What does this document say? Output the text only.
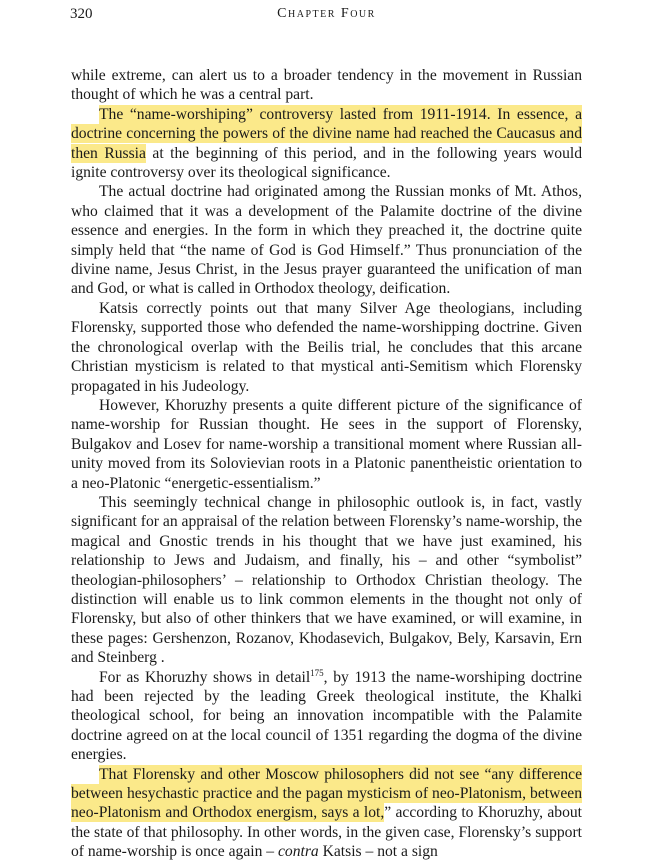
320	Chapter Four

while extreme, can alert us to a broader tendency in the movement in Russian thought of which he was a central part.

The “name-worshiping” controversy lasted from 1911-1914. In essence, a doctrine concerning the powers of the divine name had reached the Caucasus and then Russia at the beginning of this period, and in the following years would ignite controversy over its theological significance.

The actual doctrine had originated among the Russian monks of Mt. Athos, who claimed that it was a development of the Palamite doctrine of the divine essence and energies. In the form in which they preached it, the doctrine quite simply held that “the name of God is God Himself.” Thus pronunciation of the divine name, Jesus Christ, in the Jesus prayer guaranteed the unification of man and God, or what is called in Orthodox theology, deification.

Katsis correctly points out that many Silver Age theologians, including Florensky, supported those who defended the name-worshipping doctrine. Given the chronological overlap with the Beilis trial, he concludes that this arcane Christian mysticism is related to that mystical anti-Semitism which Florensky propagated in his Judeology.

However, Khoruzhy presents a quite different picture of the significance of name-worship for Russian thought. He sees in the support of Florensky, Bulgakov and Losev for name-worship a transitional moment where Russian all-unity moved from its Solovievian roots in a Platonic panentheistic orientation to a neo-Platonic “energetic-essentialism.”

This seemingly technical change in philosophic outlook is, in fact, vastly significant for an appraisal of the relation between Florensky’s name-worship, the magical and Gnostic trends in his thought that we have just examined, his relationship to Jews and Judaism, and finally, his – and other “symbolist” theologian-philosophers’ – relationship to Orthodox Christian theology. The distinction will enable us to link common elements in the thought not only of Florensky, but also of other thinkers that we have examined, or will examine, in these pages: Gershenzon, Rozanov, Khodasevich, Bulgakov, Bely, Karsavin, Ern and Steinberg .

For as Khoruzhy shows in detail$^{175}$, by 1913 the name-worshiping doctrine had been rejected by the leading Greek theological institute, the Khalki theological school, for being an innovation incompatible with the Palamite doctrine agreed on at the local council of 1351 regarding the dogma of the divine energies.

That Florensky and other Moscow philosophers did not see “any difference between hesychastic practice and the pagan mysticism of neo-Platonism, between neo-Platonism and Orthodox energism, says a lot,” according to Khoruzhy, about the state of that philosophy. In other words, in the given case, Florensky’s support of name-worship is once again – contra Katsis – not a sign
